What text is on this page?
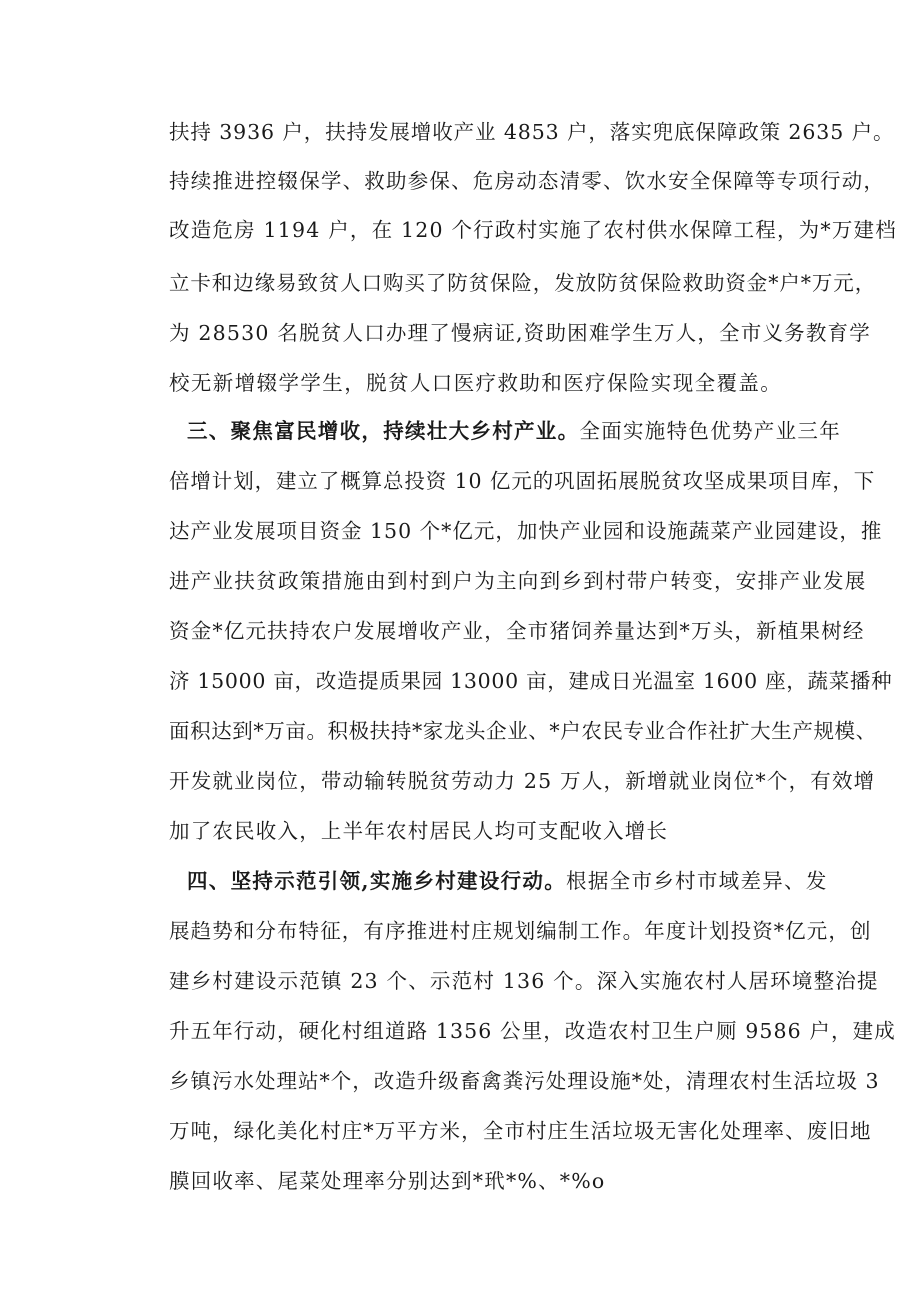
扶持 3936 户，扶持发展增收产业 4853 户，落实兜底保障政策 2635 户。

持续推进控辍保学、救助参保、危房动态清零、饮水安全保障等专项行动，

改造危房 1194 户，在 120 个行政村实施了农村供水保障工程，为*万建档

立卡和边缘易致贫人口购买了防贫保险，发放防贫保险救助资金*户*万元，

为 28530 名脱贫人口办理了慢病证,资助困难学生万人，全市义务教育学

校无新增辍学学生，脱贫人口医疗救助和医疗保险实现全覆盖。

三、聚焦富民增收，持续壮大乡村产业。全面实施特色优势产业三年

倍增计划，建立了概算总投资 10 亿元的巩固拓展脱贫攻坚成果项目库，下

达产业发展项目资金 150 个*亿元，加快产业园和设施蔬菜产业园建设，推

进产业扶贫政策措施由到村到户为主向到乡到村带户转变，安排产业发展

资金*亿元扶持农户发展增收产业，全市猪饲养量达到*万头，新植果树经

济 15000 亩，改造提质果园 13000 亩，建成日光温室 1600 座，蔬菜播种

面积达到*万亩。积极扶持*家龙头企业、*户农民专业合作社扩大生产规模、

开发就业岗位，带动输转脱贫劳动力 25 万人，新增就业岗位*个，有效增

加了农民收入，上半年农村居民人均可支配收入增长

四、坚持示范引领,实施乡村建设行动。根据全市乡村市域差异、发

展趋势和分布特征，有序推进村庄规划编制工作。年度计划投资*亿元，创

建乡村建设示范镇 23 个、示范村 136 个。深入实施农村人居环境整治提

升五年行动，硬化村组道路 1356 公里，改造农村卫生户厕 9586 户，建成

乡镇污水处理站*个，改造升级畜禽粪污处理设施*处，清理农村生活垃圾 3

万吨，绿化美化村庄*万平方米，全市村庄生活垃圾无害化处理率、废旧地

膜回收率、尾菜处理率分别达到*玳*%、*%o
